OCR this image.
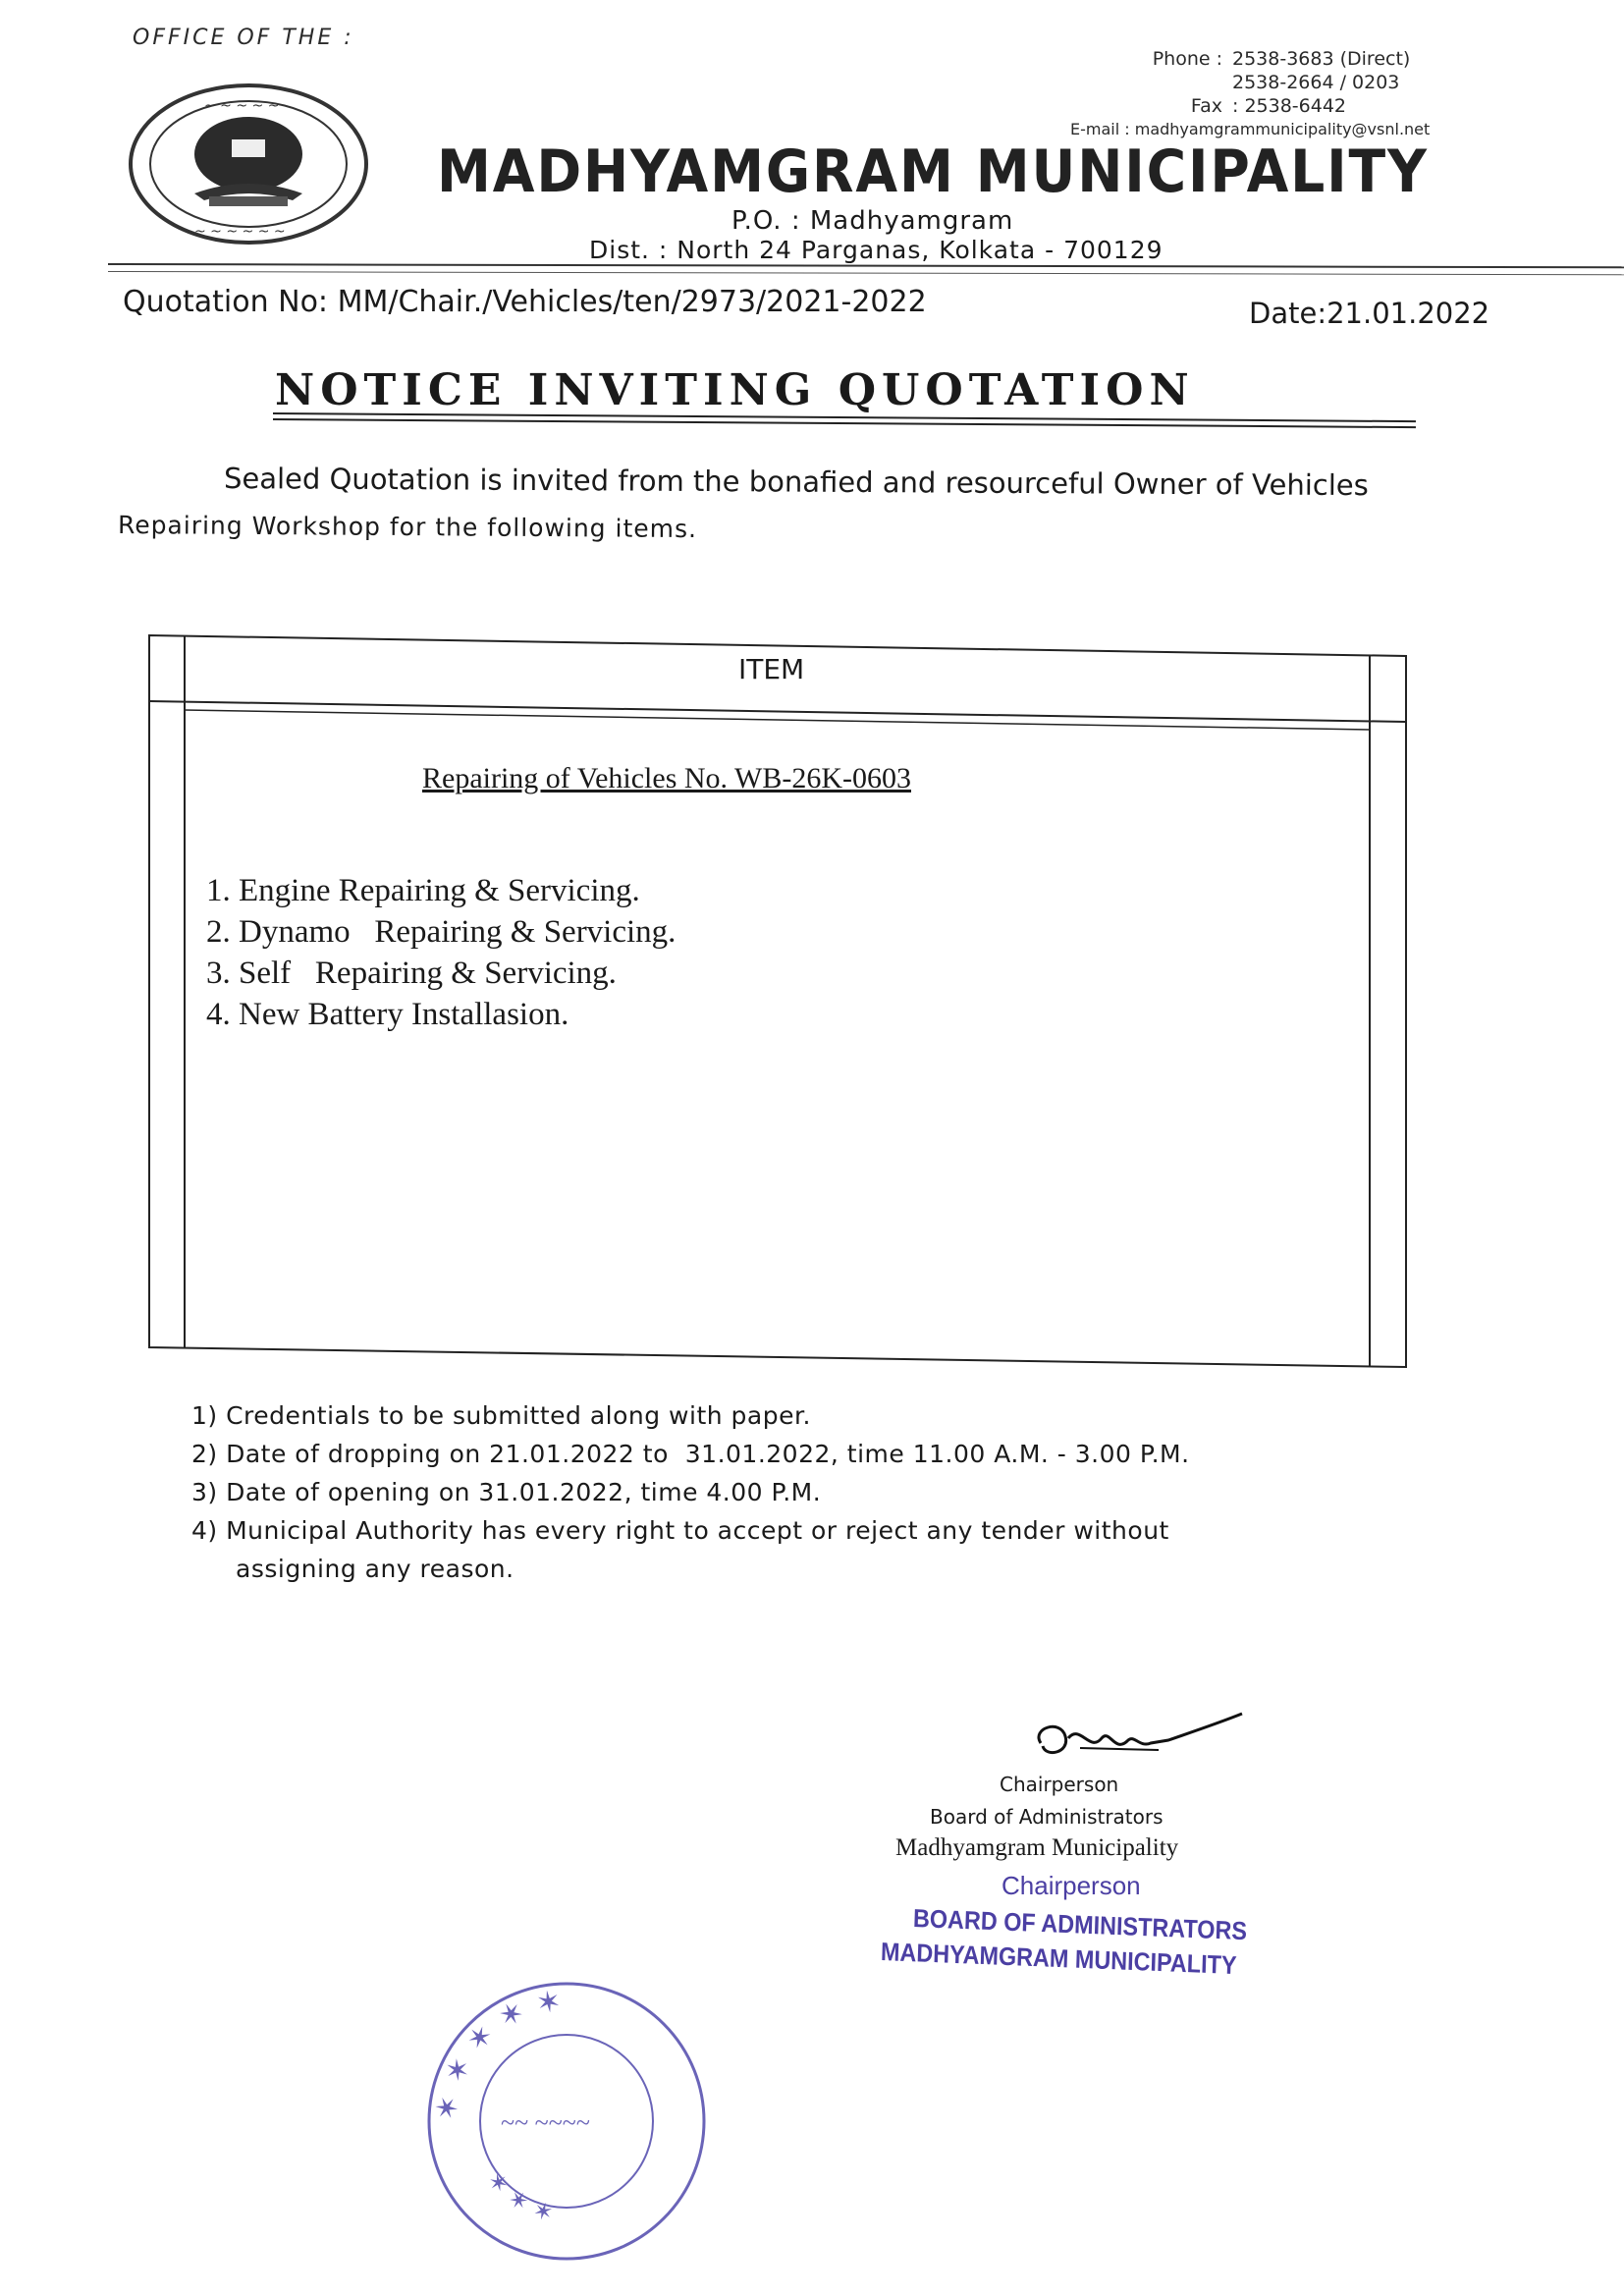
OFFICE OF THE :
Phone : 2538-3683 (Direct)
2538-2664 / 0203
Fax : 2538-6442
E-mail :
madhyamgrammunicipality@vsnl.net
~ ~ ~ ~ ~
~ ~ ~ ~ ~ ~
MADHYAMGRAM MUNICIPALITY
P.O. : Madhyamgram
Dist. : North 24 Parganas, Kolkata - 700129
Quotation No: MM/Chair./Vehicles/ten/2973/2021-2022	Date:21.01.2022
NOTICE INVITING QUOTATION
Sealed Quotation is invited from the bonafied and resourceful Owner of Vehicles
Repairing Workshop for the following items.
ITEM
Repairing of Vehicles No. WB-26K-0603
1. Engine Repairing & Servicing.
2. Dynamo   Repairing & Servicing.
3. Self   Repairing & Servicing.
4. New Battery Installasion.
1) Credentials to be submitted along with paper.
2) Date of dropping on 21.01.2022 to  31.01.2022, time 11.00 A.M. - 3.00 P.M.
3) Date of opening on 31.01.2022, time 4.00 P.M.
4) Municipal Authority has every right to accept or reject any tender without
assigning any reason.
Chairperson
Board of Administrators
Madhyamgram Municipality
Chairperson
BOARD OF ADMINISTRATORS
MADHYAMGRAM MUNICIPALITY
✶ ✶ ✶ ✶ ✶
✶ ✶ ✶
~~ ~~~~
